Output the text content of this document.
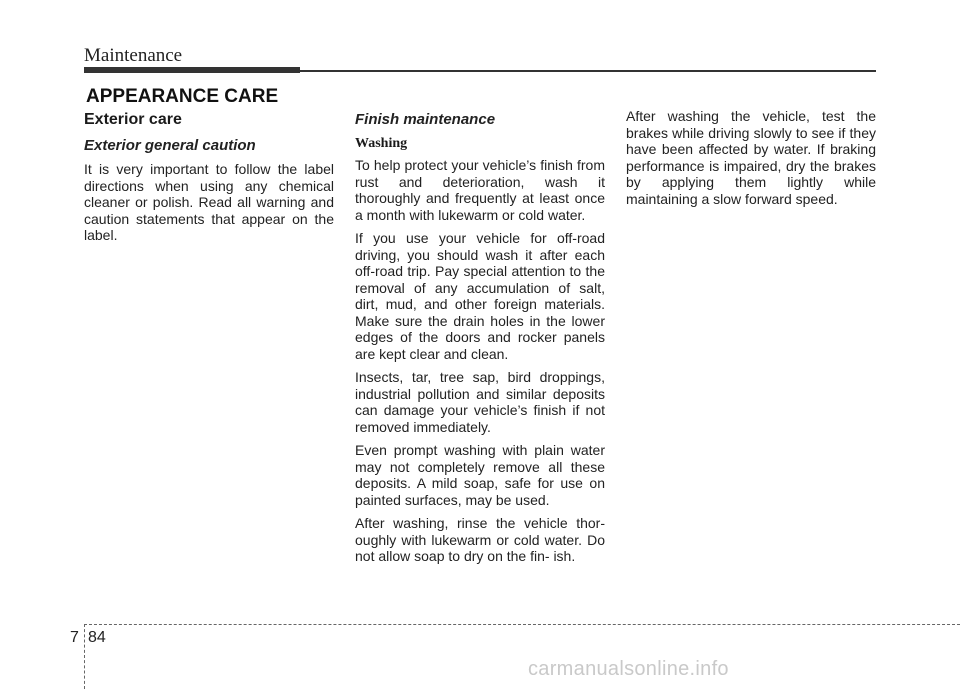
Maintenance
APPEARANCE CARE
Exterior care
Exterior general caution

It is very important to follow the label directions when using any chemical cleaner or polish. Read all warning and caution statements that appear on the label.

Finish maintenance
Washing

To help protect your vehicle’s finish from rust and deterioration, wash it thoroughly and frequently at least once a month with lukewarm or cold water.

If you use your vehicle for off-road driving, you should wash it after each off-road trip. Pay special attention to the removal of any accumulation of salt, dirt, mud, and other foreign materials. Make sure the drain holes in the lower edges of the doors and rocker panels are kept clear and clean.

Insects, tar, tree sap, bird droppings, industrial pollution and similar deposits can damage your vehicle’s finish if not removed immediately.

Even prompt washing with plain water may not completely remove all these deposits. A mild soap, safe for use on painted surfaces, may be used.

After washing, rinse the vehicle thor- oughly with lukewarm or cold water. Do not allow soap to dry on the fin- ish.

After washing the vehicle, test the brakes while driving slowly to see if they have been affected by water. If braking performance is impaired, dry the brakes by applying them lightly while maintaining a slow forward speed.

7 84
carmanualsonline.info
